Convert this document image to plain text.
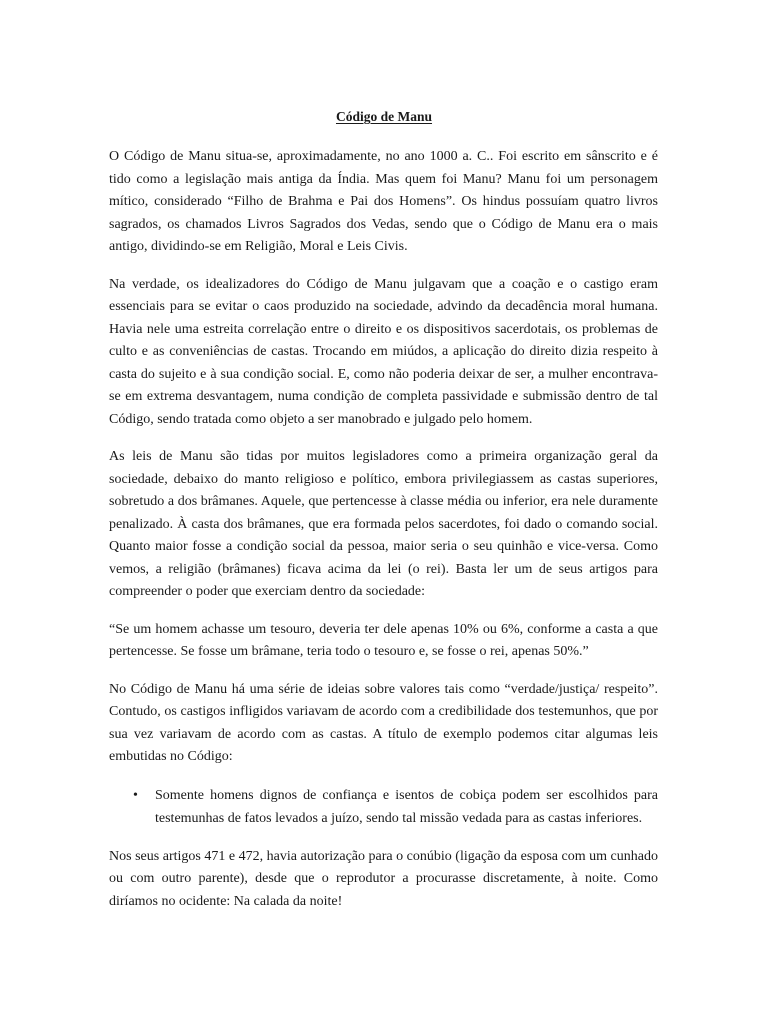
Código de Manu

O Código de Manu situa-se, aproximadamente, no ano 1000 a. C.. Foi escrito em sânscrito e é tido como a legislação mais antiga da Índia. Mas quem foi Manu? Manu foi um personagem mítico, considerado “Filho de Brahma e Pai dos Homens”. Os hindus possuíam quatro livros sagrados, os chamados Livros Sagrados dos Vedas, sendo que o Código de Manu era o mais antigo, dividindo-se em Religião, Moral e Leis Civis.

Na verdade, os idealizadores do Código de Manu julgavam que a coação e o castigo eram essenciais para se evitar o caos produzido na sociedade, advindo da decadência moral humana. Havia nele uma estreita correlação entre o direito e os dispositivos sacerdotais, os problemas de culto e as conveniências de castas. Trocando em miúdos, a aplicação do direito dizia respeito à casta do sujeito e à sua condição social. E, como não poderia deixar de ser, a mulher encontrava-se em extrema desvantagem, numa condição de completa passividade e submissão dentro de tal Código, sendo tratada como objeto a ser manobrado e julgado pelo homem.

As leis de Manu são tidas por muitos legisladores como a primeira organização geral da sociedade, debaixo do manto religioso e político, embora privilegiassem as castas superiores, sobretudo a dos brâmanes. Aquele, que pertencesse à classe média ou inferior, era nele duramente penalizado. À casta dos brâmanes, que era formada pelos sacerdotes, foi dado o comando social. Quanto maior fosse a condição social da pessoa, maior seria o seu quinhão e vice-versa. Como vemos, a religião (brâmanes) ficava acima da lei (o rei). Basta ler um de seus artigos para compreender o poder que exerciam dentro da sociedade:

“Se um homem achasse um tesouro, deveria ter dele apenas 10% ou 6%, conforme a casta a que pertencesse. Se fosse um brâmane, teria todo o tesouro e, se fosse o rei, apenas 50%.”

No Código de Manu há uma série de ideias sobre valores tais como “verdade/justiça/ respeito”. Contudo, os castigos infligidos variavam de acordo com a credibilidade dos testemunhos, que por sua vez variavam de acordo com as castas. A título de exemplo podemos citar algumas leis embutidas no Código:

• Somente homens dignos de confiança e isentos de cobiça podem ser escolhidos para testemunhas de fatos levados a juízo, sendo tal missão vedada para as castas inferiores.

Nos seus artigos 471 e 472, havia autorização para o conúbio (ligação da esposa com um cunhado ou com outro parente), desde que o reprodutor a procurasse discretamente, à noite. Como diríamos no ocidente: Na calada da noite!
